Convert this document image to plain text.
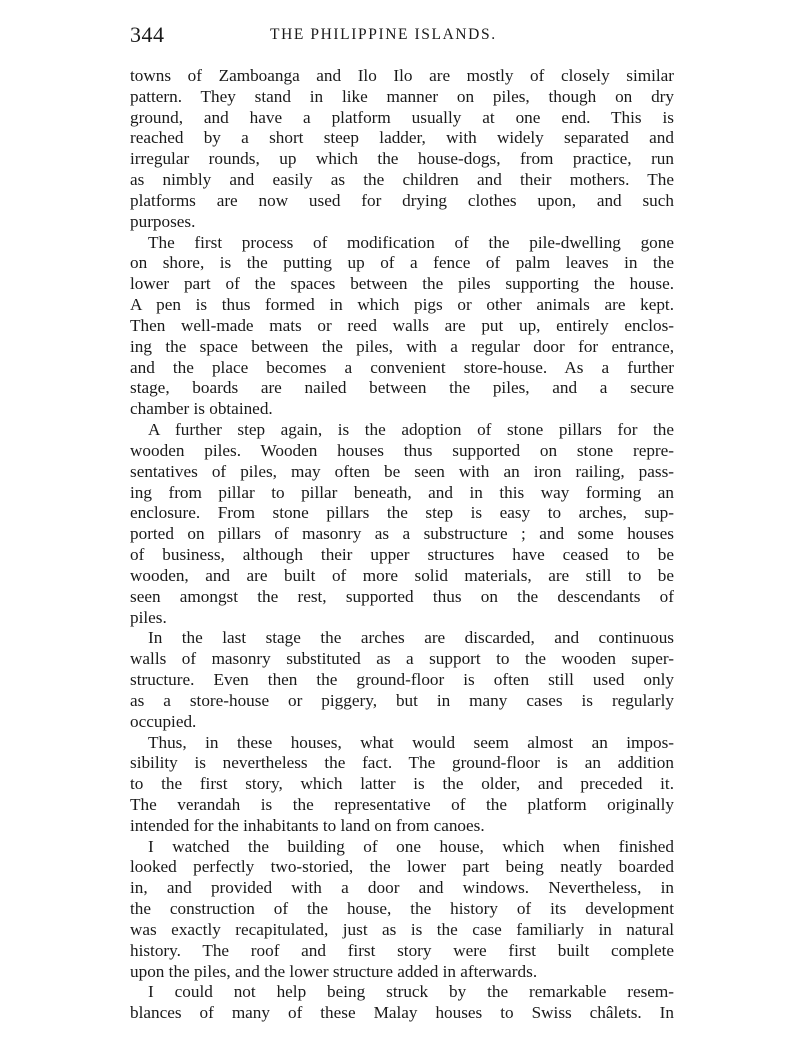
344	THE PHILIPPINE ISLANDS.
towns of Zamboanga and Ilo Ilo are mostly of closely similar
pattern. They stand in like manner on piles, though on dry
ground, and have a platform usually at one end. This is
reached by a short steep ladder, with widely separated and
irregular rounds, up which the house-dogs, from practice, run
as nimbly and easily as the children and their mothers. The
platforms are now used for drying clothes upon, and such
purposes.
The first process of modification of the pile-dwelling gone
on shore, is the putting up of a fence of palm leaves in the
lower part of the spaces between the piles supporting the house.
A pen is thus formed in which pigs or other animals are kept.
Then well-made mats or reed walls are put up, entirely enclos-
ing the space between the piles, with a regular door for entrance,
and the place becomes a convenient store-house. As a further
stage, boards are nailed between the piles, and a secure
chamber is obtained.
A further step again, is the adoption of stone pillars for the
wooden piles. Wooden houses thus supported on stone repre-
sentatives of piles, may often be seen with an iron railing, pass-
ing from pillar to pillar beneath, and in this way forming an
enclosure. From stone pillars the step is easy to arches, sup-
ported on pillars of masonry as a substructure ; and some houses
of business, although their upper structures have ceased to be
wooden, and are built of more solid materials, are still to be
seen amongst the rest, supported thus on the descendants of
piles.
In the last stage the arches are discarded, and continuous
walls of masonry substituted as a support to the wooden super-
structure. Even then the ground-floor is often still used only
as a store-house or piggery, but in many cases is regularly
occupied.
Thus, in these houses, what would seem almost an impos-
sibility is nevertheless the fact. The ground-floor is an addition
to the first story, which latter is the older, and preceded it.
The verandah is the representative of the platform originally
intended for the inhabitants to land on from canoes.
I watched the building of one house, which when finished
looked perfectly two-storied, the lower part being neatly boarded
in, and provided with a door and windows. Nevertheless, in
the construction of the house, the history of its development
was exactly recapitulated, just as is the case familiarly in natural
history. The roof and first story were first built complete
upon the piles, and the lower structure added in afterwards.
I could not help being struck by the remarkable resem-
blances of many of these Malay houses to Swiss châlets. In
